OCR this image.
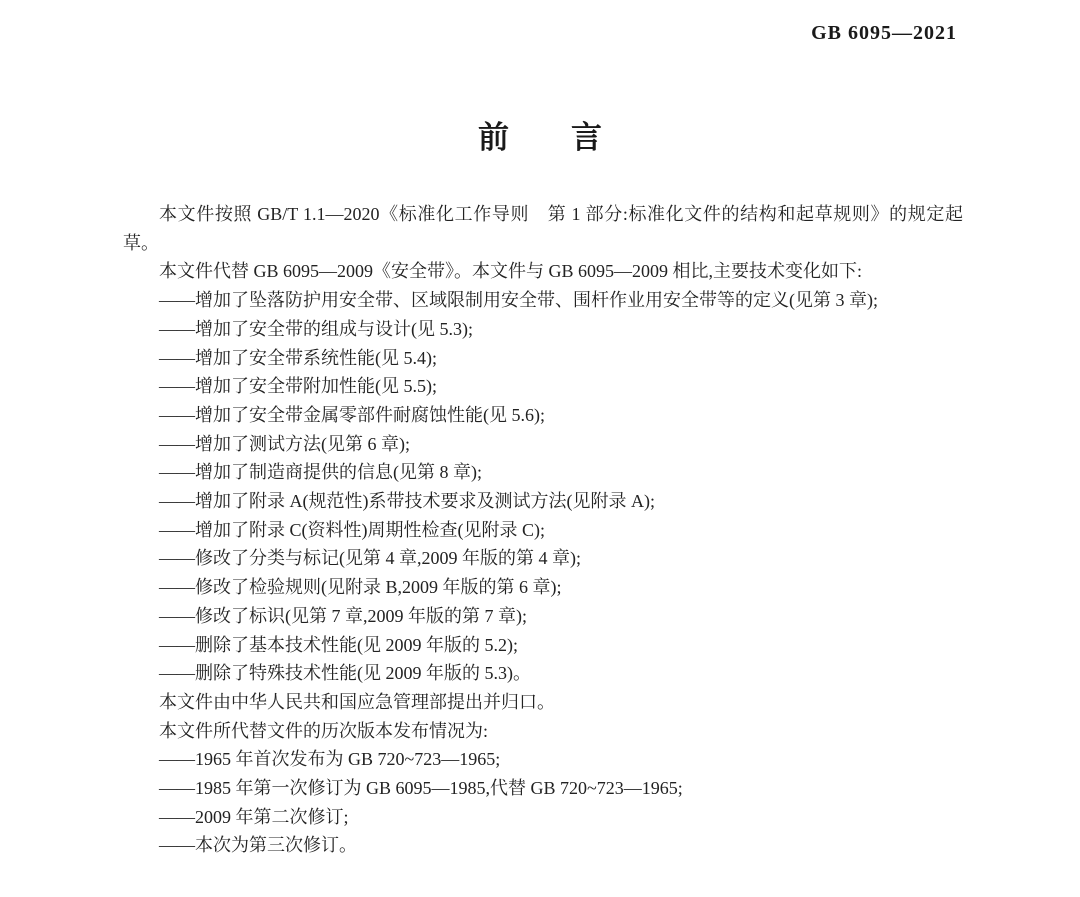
GB 6095—2021
前　　言

本文件按照 GB/T 1.1—2020《标准化工作导则　第 1 部分:标准化文件的结构和起草规则》的规定起草。

本文件代替 GB 6095—2009《安全带》。本文件与 GB 6095—2009 相比,主要技术变化如下:

——增加了坠落防护用安全带、区域限制用安全带、围杆作业用安全带等的定义(见第 3 章);

——增加了安全带的组成与设计(见 5.3);

——增加了安全带系统性能(见 5.4);

——增加了安全带附加性能(见 5.5);

——增加了安全带金属零部件耐腐蚀性能(见 5.6);

——增加了测试方法(见第 6 章);

——增加了制造商提供的信息(见第 8 章);

——增加了附录 A(规范性)系带技术要求及测试方法(见附录 A);

——增加了附录 C(资料性)周期性检查(见附录 C);

——修改了分类与标记(见第 4 章,2009 年版的第 4 章);

——修改了检验规则(见附录 B,2009 年版的第 6 章);

——修改了标识(见第 7 章,2009 年版的第 7 章);

——删除了基本技术性能(见 2009 年版的 5.2);

——删除了特殊技术性能(见 2009 年版的 5.3)。

本文件由中华人民共和国应急管理部提出并归口。

本文件所代替文件的历次版本发布情况为:

——1965 年首次发布为 GB 720~723—1965;

——1985 年第一次修订为 GB 6095—1985,代替 GB 720~723—1965;

——2009 年第二次修订;

——本次为第三次修订。
